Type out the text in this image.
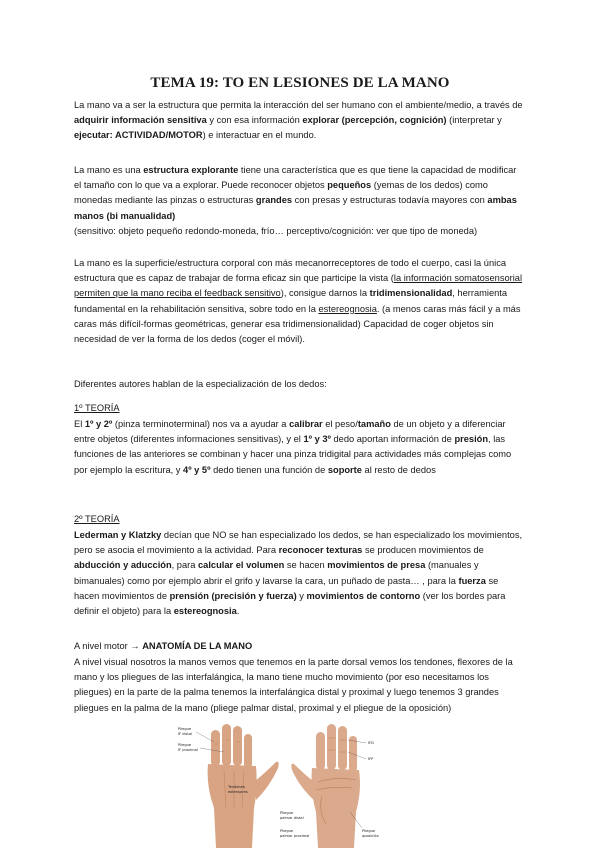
TEMA 19: TO EN LESIONES DE LA MANO

La mano va a ser la estructura que permita la interacción del ser humano con el ambiente/medio, a través de adquirir información sensitiva y con esa información explorar (percepción, cognición) (interpretar y ejecutar: ACTIVIDAD/MOTOR) e interactuar en el mundo.

La mano es una estructura explorante tiene una característica que es que tiene la capacidad de modificar el tamaño con lo que va a explorar. Puede reconocer objetos pequeños (yemas de los dedos) como monedas mediante las pinzas o estructuras grandes con presas y estructuras todavía mayores con ambas manos (bi manualidad)
(sensitivo: objeto pequeño redondo-moneda, frío… perceptivo/cognición: ver que tipo de moneda)

La mano es la superficie/estructura corporal con más mecanorreceptores de todo el cuerpo, casi la única estructura que es capaz de trabajar de forma eficaz sin que participe la vista (la información somatosensorial permiten que la mano reciba el feedback sensitivo), consigue darnos la tridimensionalidad, herramienta fundamental en la rehabilitación sensitiva, sobre todo en la estereognosia. (a menos caras más fácil y a más caras más difícil-formas geométricas, generar esa tridimensionalidad) Capacidad de coger objetos sin necesidad de ver la forma de los dedos (coger el móvil).

Diferentes autores hablan de la especialización de los dedos:

1º TEORÍA

El 1º y 2º (pinza terminoterminal) nos va a ayudar a calibrar el peso/tamaño de un objeto y a diferenciar entre objetos (diferentes informaciones sensitivas), y el 1º y 3º dedo aportan información de presión, las funciones de las anteriores se combinan y hacer una pinza tridigital para actividades más complejas como por ejemplo la escritura, y 4º y 5º dedo tienen una función de soporte al resto de dedos

2º TEORÍA

Lederman y Klatzky decían que NO se han especializado los dedos, se han especializado los movimientos, pero se asocia el movimiento a la actividad. Para reconocer texturas se producen movimientos de abducción y aducción, para calcular el volumen se hacen movimientos de presa (manuales y bimanuales) como por ejemplo abrir el grifo y lavarse la cara, un puñado de pasta… , para la fuerza se hacen movimientos de prensión (precisión y fuerza) y movimientos de contorno (ver los bordes para definir el objeto) para la estereognosia.

A nivel motor → ANATOMÍA DE LA MANO

A nivel visual nosotros la manos vemos que tenemos en la parte dorsal vemos los tendones, flexores de la mano y los pliegues de las interfalángica, la mano tiene mucho movimiento (por eso necesitamos los pliegues) en la parte de la palma tenemos la interfalángica distal y proximal y luego tenemos 3 grandes pliegues en la palma de la mano (pliege palmar distal, proximal y el pliegue de la oposición)

Pliegue
IF distal
Pliegue
IF proximal
Tendones
extensores
IFD
IFP
Pliegue
palmar distal
Pliegue
palmar proximal
Pliegue
oposición
